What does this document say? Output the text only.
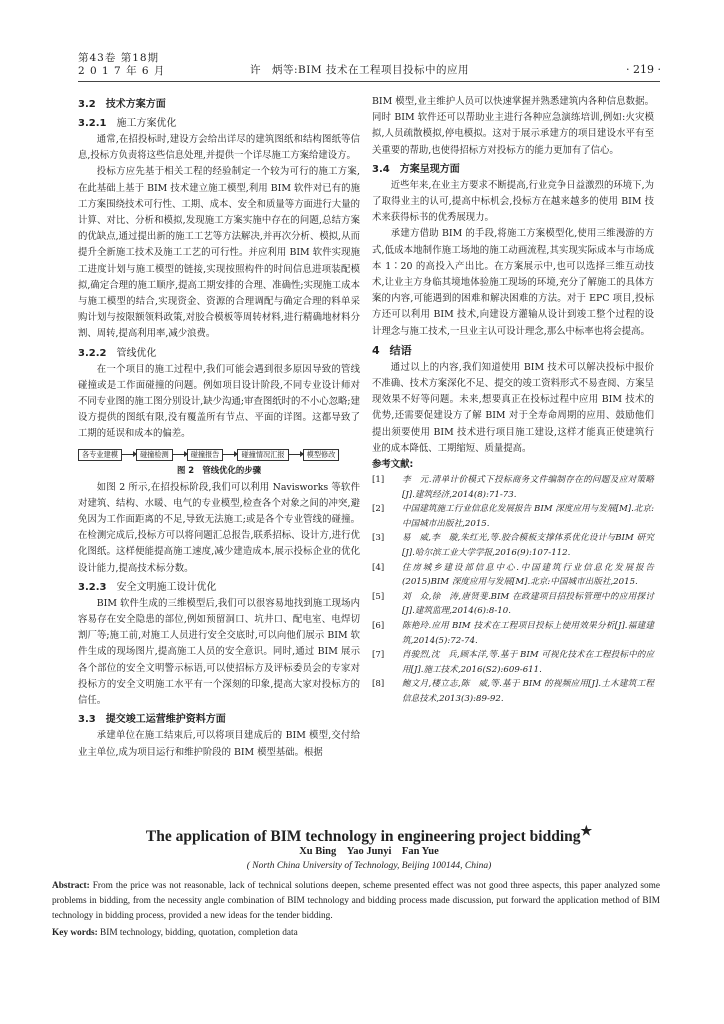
第43卷 第18期
2 0 1 7 年 6 月	许　炳等:BIM 技术在工程项目投标中的应用	· 219 ·
3.2 技术方案方面
3.2.1 施工方案优化

通常,在招投标时,建设方会给出详尽的建筑图纸和结构图纸等信息,投标方负责将这些信息处理,并提供一个详尽施工方案给建设方。

投标方应先基于相关工程的经验制定一个较为可行的施工方案,在此基础上基于 BIM 技术建立施工模型,利用 BIM 软件对已有的施工方案围绕技术可行性、工期、成本、安全和质量等方面进行大量的计算、对比、分析和模拟,发现施工方案实施中存在的问题,总结方案的优缺点,通过提出新的施工工艺等方法解决,并再次分析、模拟,从而提升全新施工技术及施工工艺的可行性。并应利用 BIM 软件实现施工进度计划与施工模型的链接,实现按照构件的时间信息进项装配模拟,确定合理的施工顺序,提高工期安排的合理、准确性;实现施工成本与施工模型的结合,实现资金、资源的合理调配与确定合理的料单采购计划与按限额领料政策,对胶合模板等周转材料,进行精确地材料分割、周转,提高利用率,减少浪费。

3.2.2 管线优化

在一个项目的施工过程中,我们可能会遇到很多原因导致的管线碰撞或是工作面碰撞的问题。例如项目设计阶段,不同专业设计师对不同专业图的施工图分别设计,缺少沟通;审查图纸时的不小心忽略;建设方提供的图纸有限,没有覆盖所有节点、平面的详图。这都导致了工期的延误和成本的偏差。

各专业建模	碰撞检测	碰撞报告	碰撞情况汇报	模型修改
图 2　管线优化的步骤

如图 2 所示,在招投标阶段,我们可以利用 Navisworks 等软件对建筑、结构、水暖、电气的专业模型,检查各个对象之间的冲突,避免因为工作面距离的不足,导致无法施工;或是各个专业管线的碰撞。在检测完成后,投标方可以将问题汇总报告,联系招标、设计方,进行优化图纸。这样便能提高施工速度,减少建造成本,展示投标企业的优化设计能力,提高技术标分数。

3.2.3 安全文明施工设计优化

BIM 软件生成的三维模型后,我们可以很容易地找到施工现场内容易存在安全隐患的部位,例如预留洞口、坑井口、配电室、电焊切割厂等;施工前,对施工人员进行安全交底时,可以向他们展示 BIM 软件生成的现场图片,提高施工人员的安全意识。同时,通过 BIM 展示各个部位的安全文明警示标语,可以使招标方及评标委员会的专家对投标方的安全文明施工水平有一个深刻的印象,提高大家对投标方的信任。

3.3 提交竣工运营维护资料方面

承建单位在施工结束后,可以将项目建成后的 BIM 模型,交付给业主单位,成为项目运行和维护阶段的 BIM 模型基础。根据

BIM 模型,业主维护人员可以快速掌握并熟悉建筑内各种信息数据。同时 BIM 软件还可以帮助业主进行各种应急演练培训,例如:火灾模拟,人员疏散模拟,停电模拟。这对于展示承建方的项目建设水平有至关重要的帮助,也使得招标方对投标方的能力更加有了信心。

3.4 方案呈现方面

近些年来,在业主方要求不断提高,行业竞争日益激烈的环境下,为了取得业主的认可,提高中标机会,投标方在越来越多的使用 BIM 技术来获得标书的优秀展现力。

承建方借助 BIM 的手段,将施工方案模型化,使用三维漫游的方式,低成本地制作施工场地的施工动画流程,其实现实际成本与市场成本 1∶20 的高投入产出比。在方案展示中,也可以选择三维互动技术,让业主方身临其境地体验施工现场的环境,充分了解施工的具体方案的内容,可能遇到的困难和解决困难的方法。对于 EPC 项目,投标方还可以利用 BIM 技术,向建设方灌输从设计到竣工整个过程的设计理念与施工技术,一旦业主认可设计理念,那么中标率也将会提高。

4 结语

通过以上的内容,我们知道使用 BIM 技术可以解决投标中报价不准确、技术方案深化不足、提交的竣工资料形式不易查阅、方案呈现效果不好等问题。未来,想要真正在投标过程中应用 BIM 技术的优势,还需要促建设方了解 BIM 对于全寿命周期的应用、鼓励他们提出须要使用 BIM 技术进行项目施工建设,这样才能真正使建筑行业的成本降低、工期缩短、质量提高。

参考文献:
[1]	李　元.清单计价模式下投标商务文件编制存在的问题及应对策略[J].建筑经济,2014(8):71-73.
[2]	中国建筑施工行业信息化发展报告 BIM 深度应用与发展[M].北京:中国城市出版社,2015.
[3]	易　威,李　璇,朱红光,等.胶合模板支撑体系优化设计与BIM 研究[J].哈尔滨工业大学学报,2016(9):107-112.
[4]	住房城乡建设部信息中心.中国建筑行业信息化发展报告(2015)BIM 深度应用与发展[M].北京:中国城市出版社,2015.
[5]	刘　众,徐　涛,唐贤斐.BIM 在政建项目招投标管理中的应用探讨[J].建筑监理,2014(6):8-10.
[6]	陈艳玲.应用 BIM 技术在工程项目投标上使用效果分析[J].福建建筑,2014(5):72-74.
[7]	肖骏烈,沈　兵,顾本洋,等.基于 BIM 可视化技术在工程投标中的应用[J].施工技术,2016(S2):609-611.
[8]	鲍文月,楼立志,陈　威,等.基于 BIM 的视频应用[J].土木建筑工程信息技术,2013(3):89-92.
The application of BIM technology in engineering project bidding★
Xu Bing　Yao Junyi　Fan Yue
( North China University of Technology, Beijing 100144, China)
Abstract: From the price was not reasonable, lack of technical solutions deepen, scheme presented effect was not good three aspects, this paper analyzed some problems in bidding, from the necessity angle combination of BIM technology and bidding process made discussion, put forward the application method of BIM technology in bidding process, provided a new ideas for the tender bidding.
Key words: BIM technology, bidding, quotation, completion data
